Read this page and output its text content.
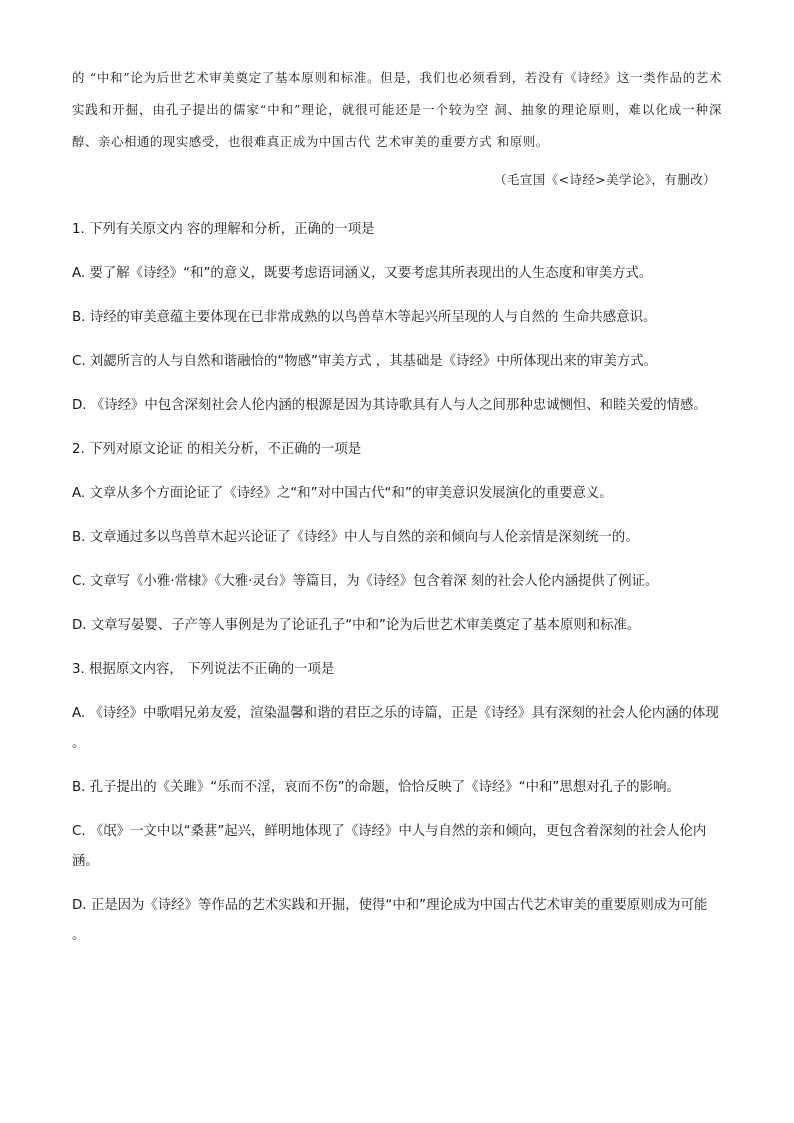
的 “中和”论为后世艺术审美奠定了基本原则和标准。但是，我们也必须看到，若没有《诗经》这一类作品的艺术实践和开掘，由孔子提出的儒家“中和”理论，就很可能还是一个较为空 洞、抽象的理论原则，难以化成一种深醇、亲心相通的现实感受，也很难真正成为中国古代 艺术审美的重要方式 和原则。

（毛宣国《<诗经>美学论》，有删改）

1. 下列有关原文内 容的理解和分析，正确的一项是

A. 要了解《诗经》“和”的意义，既要考虑语词涵义，又要考虑其所表现出的人生态度和审美方式。

B. 诗经的审美意蕴主要体现在已非常成熟的以鸟兽草木等起兴所呈现的人与自然的 生命共感意识。

C. 刘勰所言的人与自然和谐融恰的“物感”审美方式 ，其基础是《诗经》中所体现出来的审美方式。

D. 《诗经》中包含深刻社会人伦内涵的根源是因为其诗歌具有人与人之间那种忠诚恻怛、和睦关爱的情感。

2. 下列对原文论证 的相关分析，不正确的一项是

A. 文章从多个方面论证了《诗经》之“和”对中国古代“和”的审美意识发展演化的重要意义。

B. 文章通过多以鸟兽草木起兴论证了《诗经》中人与自然的亲和倾向与人伦亲情是深刻统一的。

C. 文章写《小雅·常棣》《大雅·灵台》等篇目，为《诗经》包含着深 刻的社会人伦内涵提供了例证。

D. 文章写晏婴、子产等人事例是为了论证孔子“中和”论为后世艺术审美奠定了基本原则和标准。

3. 根据原文内容， 下列说法不正确的一项是

A. 《诗经》中歌唱兄弟友爱，渲染温馨和谐的君臣之乐的诗篇，正是《诗经》具有深刻的社会人伦内涵的体现 。

B. 孔子提出的《关雎》“乐而不淫，哀而不伤”的命题，恰恰反映了《诗经》“中和”思想对孔子的影响。

C. 《氓》一文中以“桑葚”起兴，鲜明地体现了《诗经》中人与自然的亲和倾向，更包含着深刻的社会人伦内 涵。

D. 正是因为《诗经》等作品的艺术实践和开掘，使得“中和”理论成为中国古代艺术审美的重要原则成为可能 。
